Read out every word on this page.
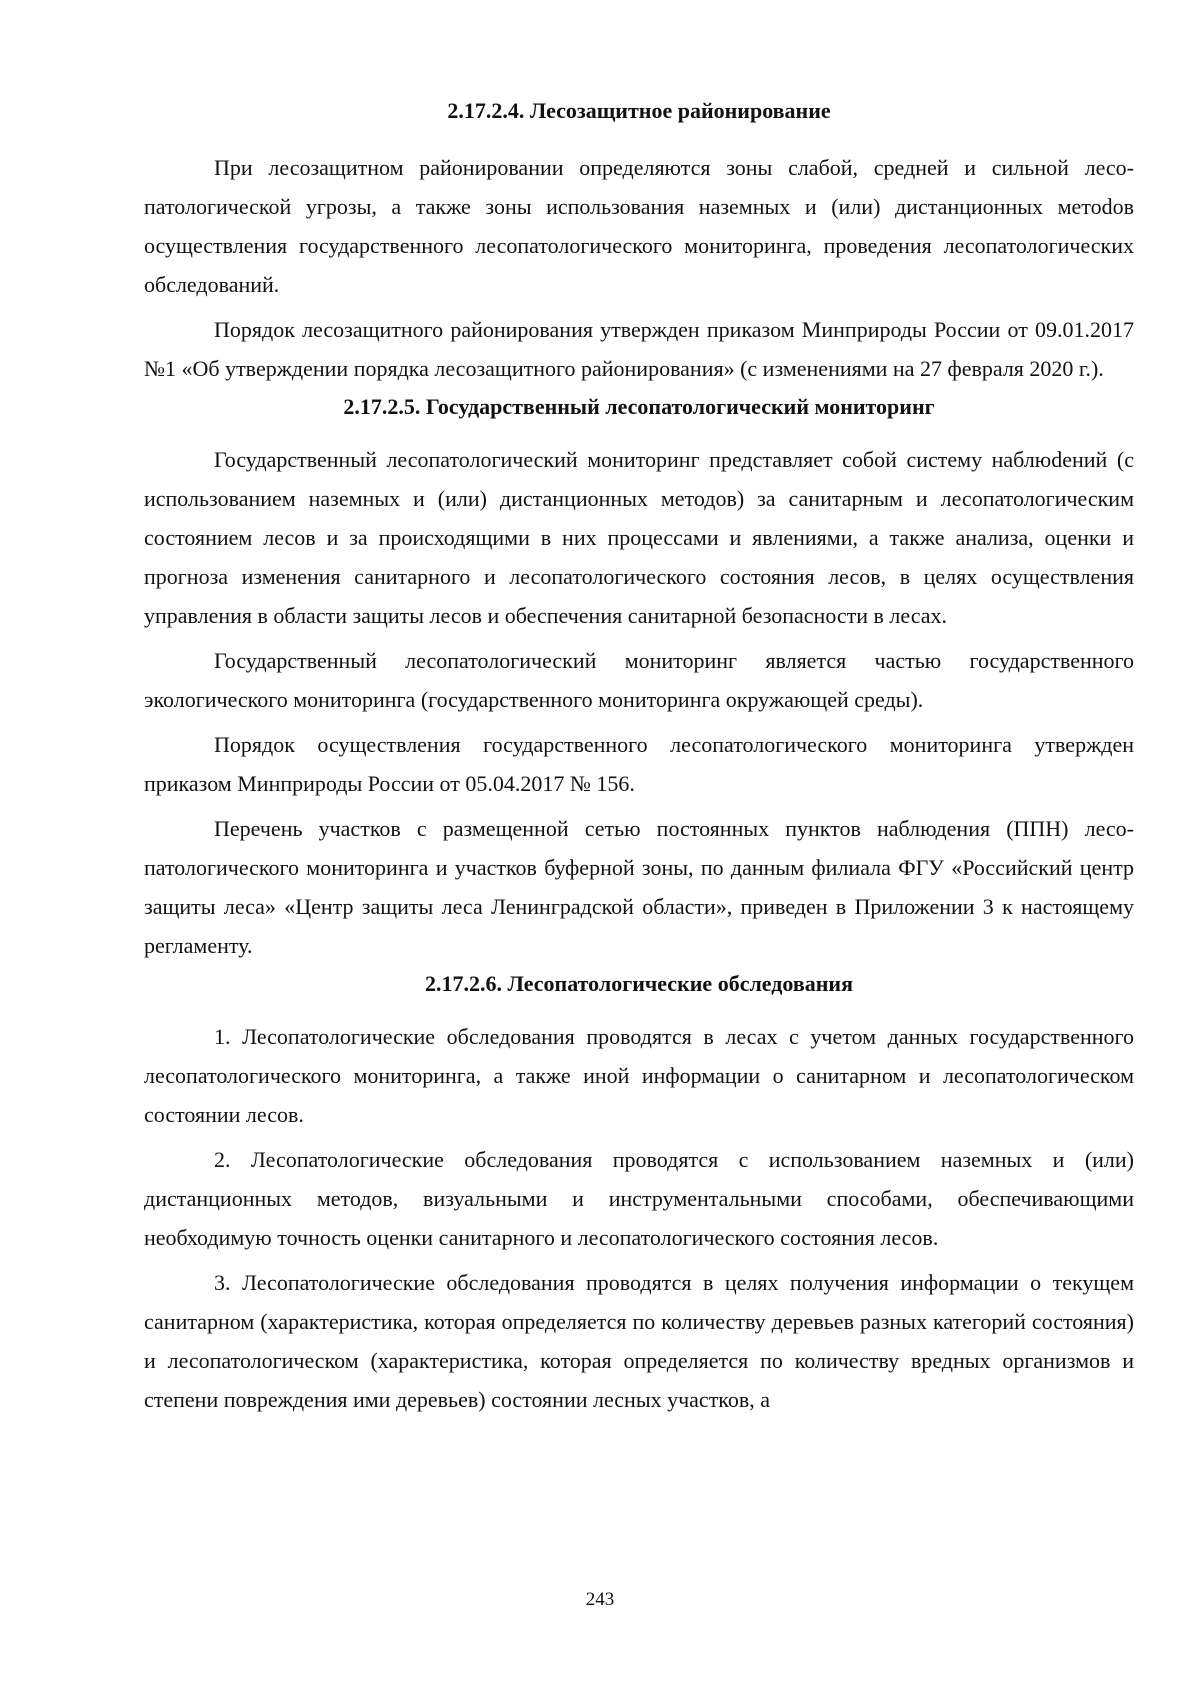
2.17.2.4. Лесозащитное районирование

При лесозащитном районировании определяются зоны слабой, средней и сильной лесопатологической угрозы, а также зоны использования наземных и (или) дистанционных метоdов осуществления государственного лесопатологического мониторинга, проведения лесопатологических обследований.

Порядок лесозащитного районирования утвержден приказом Минприроды России от 09.01.2017 №1 «Об утверждении порядка лесозащитного районирования» (с изменениями на 27 февраля 2020 г.).

2.17.2.5. Государственный лесопатологический мониторинг

Государственный лесопатологический мониторинг представляет собой систему наблюdений (с использованием наземных и (или) дистанционных методов) за санитарным и лесопатологическим состоянием лесов и за происходящими в них процессами и явлениями, а также анализа, оценки и прогноза изменения санитарного и лесопатологического состояния лесов, в целях осуществления управления в области защиты лесов и обеспечения санитарной безопасности в лесах.

Государственный лесопатологический мониторинг является частью государственного экологического мониторинга (государственного мониторинга окружающей среды).

Порядок осуществления государственного лесопатологического мониторинга утвержден приказом Минприроды России от 05.04.2017 № 156.

Перечень участков с размещенной сетью постоянных пунктов наблюдения (ППН) лесопатологического мониторинга и участков буферной зоны, по данным филиала ФГУ «Российский центр защиты леса» «Центр защиты леса Ленинградской области», приведен в Приложении 3 к настоящему регламенту.

2.17.2.6. Лесопатологические обследования

1. Лесопатологические обследования проводятся в лесах с учетом данных государственного лесопатологического мониторинга, а также иной информации о санитарном и лесопатологическом состоянии лесов.

2. Лесопатологические обследования проводятся с использованием наземных и (или) дистанционных методов, визуальными и инструментальными способами, обеспечивающими необходимую точность оценки санитарного и лесопатологического состояния лесов.

3. Лесопатологические обследования проводятся в целях получения информации о текущем санитарном (характеристика, которая определяется по количеству деревьев разных категорий состояния) и лесопатологическом (характеристика, которая определяется по количеству вредных организмов и степени повреждения ими деревьев) состоянии лесных участков, а

243
